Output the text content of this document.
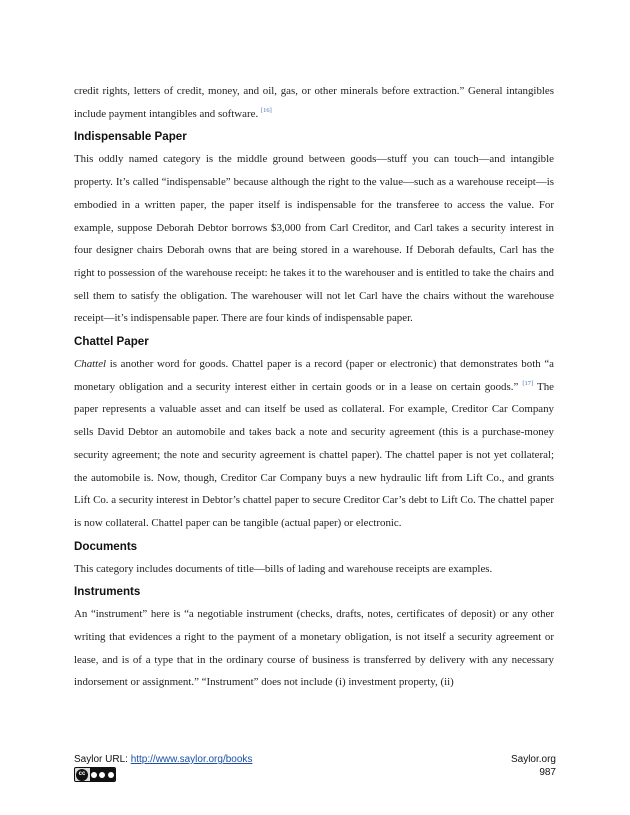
credit rights, letters of credit, money, and oil, gas, or other minerals before extraction.” General intangibles include payment intangibles and software. [16]

Indispensable Paper

This oddly named category is the middle ground between goods—stuff you can touch—and intangible property. It’s called “indispensable” because although the right to the value—such as a warehouse receipt—is embodied in a written paper, the paper itself is indispensable for the transferee to access the value. For example, suppose Deborah Debtor borrows $3,000 from Carl Creditor, and Carl takes a security interest in four designer chairs Deborah owns that are being stored in a warehouse. If Deborah defaults, Carl has the right to possession of the warehouse receipt: he takes it to the warehouser and is entitled to take the chairs and sell them to satisfy the obligation. The warehouser will not let Carl have the chairs without the warehouse receipt—it’s indispensable paper. There are four kinds of indispensable paper.

Chattel Paper

Chattel is another word for goods. Chattel paper is a record (paper or electronic) that demonstrates both “a monetary obligation and a security interest either in certain goods or in a lease on certain goods.” [17] The paper represents a valuable asset and can itself be used as collateral. For example, Creditor Car Company sells David Debtor an automobile and takes back a note and security agreement (this is a purchase-money security agreement; the note and security agreement is chattel paper). The chattel paper is not yet collateral; the automobile is. Now, though, Creditor Car Company buys a new hydraulic lift from Lift Co., and grants Lift Co. a security interest in Debtor’s chattel paper to secure Creditor Car’s debt to Lift Co. The chattel paper is now collateral. Chattel paper can be tangible (actual paper) or electronic.

Documents

This category includes documents of title—bills of lading and warehouse receipts are examples.

Instruments

An “instrument” here is “a negotiable instrument (checks, drafts, notes, certificates of deposit) or any other writing that evidences a right to the payment of a monetary obligation, is not itself a security agreement or lease, and is of a type that in the ordinary course of business is transferred by delivery with any necessary indorsement or assignment.” “Instrument” does not include (i) investment property, (ii)

Saylor URL: http://www.saylor.org/books
cc
Saylor.org
987
